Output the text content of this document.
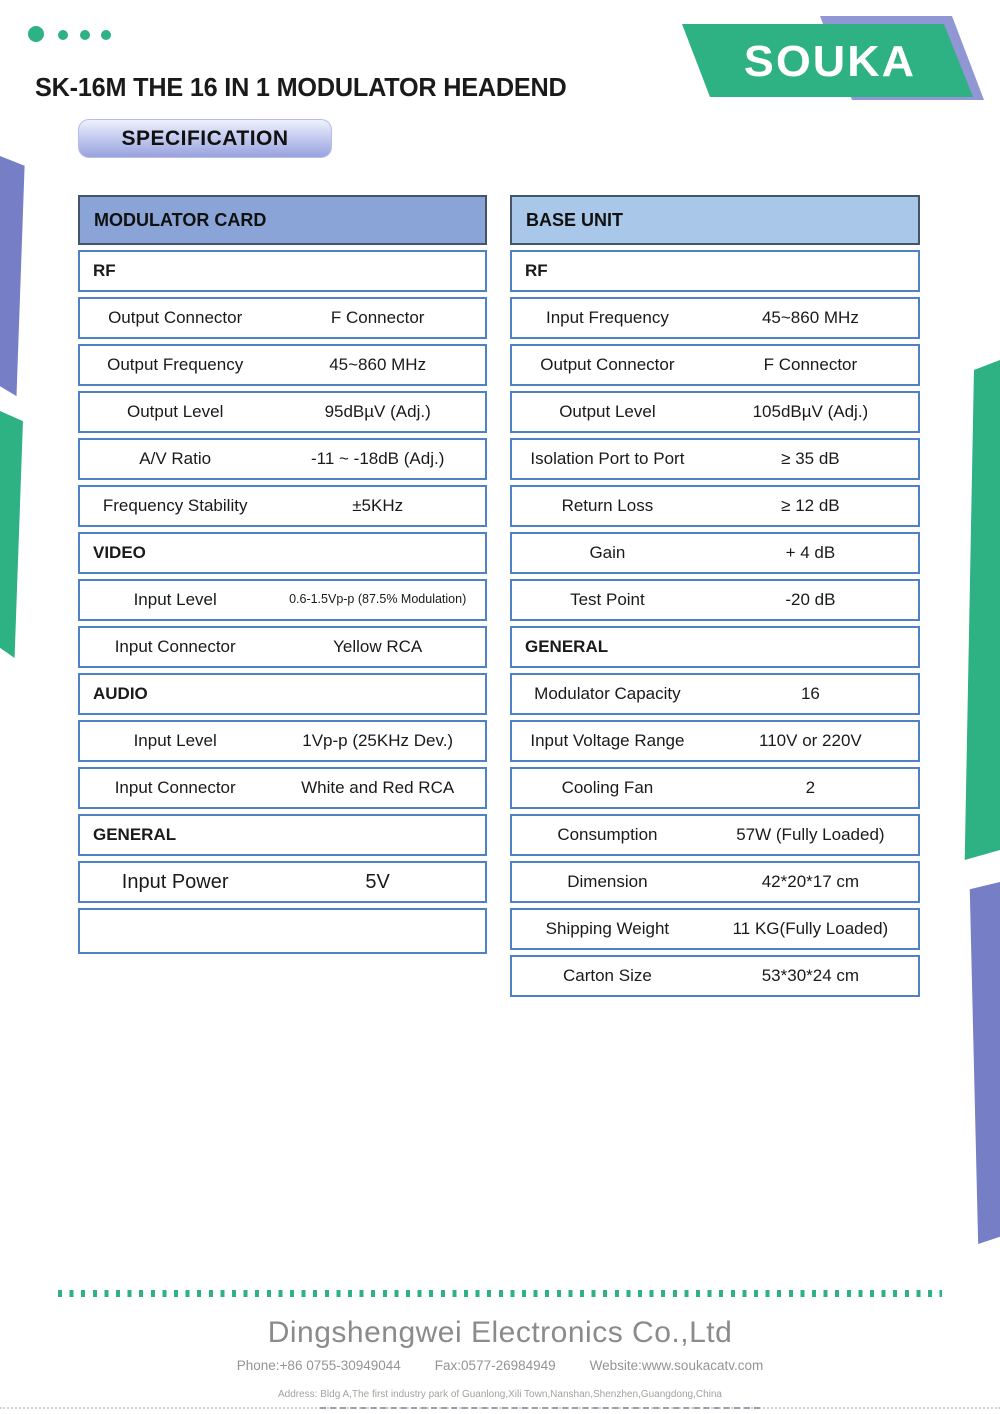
SOUKA
SK-16M THE 16 IN 1 MODULATOR HEADEND
SPECIFICATION
MODULATOR CARD
RF
Output Connector	F Connector
Output Frequency	45~860 MHz
Output Level	95dBµV (Adj.)
A/V Ratio	-11 ~ -18dB (Adj.)
Frequency Stability	±5KHz
VIDEO
Input Level	0.6-1.5Vp-p (87.5% Modulation)
Input Connector	Yellow RCA
AUDIO
Input Level	1Vp-p (25KHz Dev.)
Input Connector	White and Red RCA
GENERAL
Input Power	5V
BASE UNIT
RF
Input Frequency	45~860 MHz
Output Connector	F Connector
Output Level	105dBµV (Adj.)
Isolation Port to Port	≥ 35 dB
Return Loss	≥ 12 dB
Gain	+ 4 dB
Test Point	-20 dB
GENERAL
Modulator Capacity	16
Input Voltage Range	110V or 220V
Cooling Fan	2
Consumption	57W (Fully Loaded)
Dimension	42*20*17 cm
Shipping Weight	11 KG(Fully Loaded)
Carton Size	53*30*24 cm
Dingshengwei Electronics Co.,Ltd
Phone:+86 0755-30949044	Fax:0577-26984949	Website:www.soukacatv.com
Address: Bldg A,The first industry park of Guanlong,Xili Town,Nanshan,Shenzhen,Guangdong,China
